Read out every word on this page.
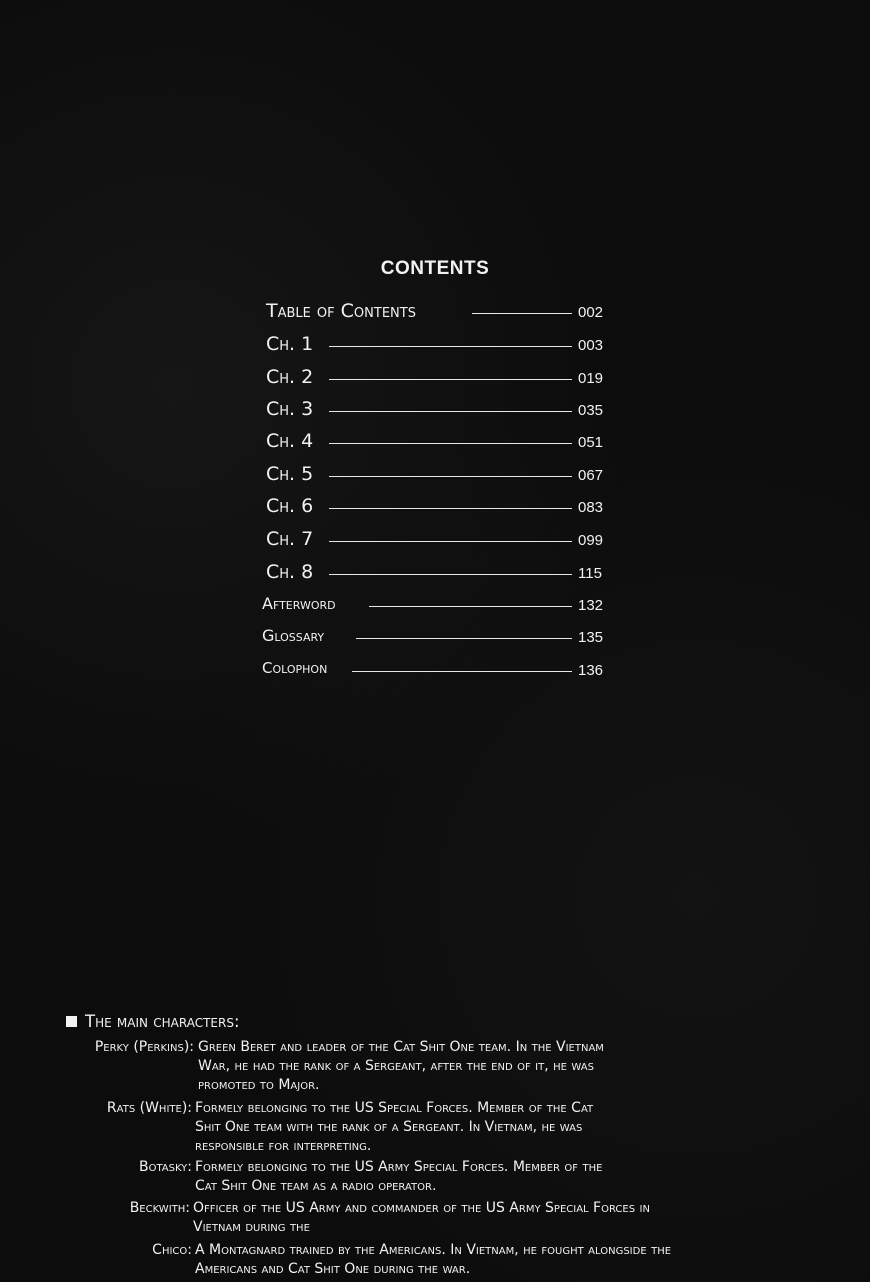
CONTENTS
Table of Contents	002
Ch. 1	003
Ch. 2	019
Ch. 3	035
Ch. 4	051
Ch. 5	067
Ch. 6	083
Ch. 7	099
Ch. 8	115
Afterword	132
Glossary	135
Colophon	136
The main characters:
Perky (Perkins): Green Beret and leader of the Cat Shit One team. In the Vietnam
War, he had the rank of a Sergeant, after the end of it, he was
promoted to Major.
Rats (White): Formely belonging to the US Special Forces. Member of the Cat
Shit One team with the rank of a Sergeant. In Vietnam, he was
responsible for interpreting.
Botasky: Formely belonging to the US Army Special Forces. Member of the
Cat Shit One team as a radio operator.
Beckwith: Officer of the US Army and commander of the US Army Special Forces in
Vietnam during the
Chico: A Montagnard trained by the Americans. In Vietnam, he fought alongside the
Americans and Cat Shit One during the war.
